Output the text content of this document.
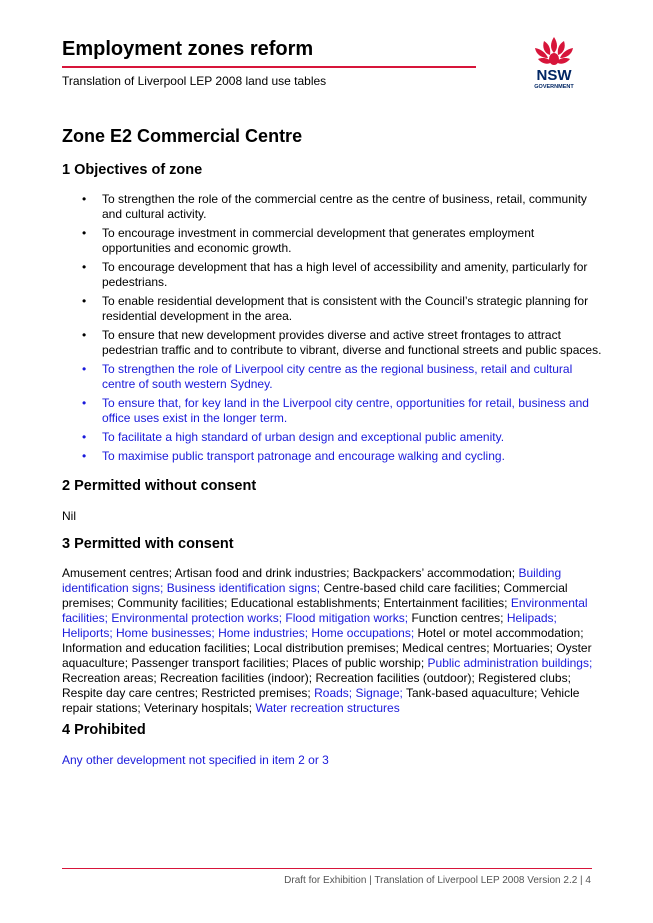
Employment zones reform
Translation of Liverpool LEP 2008 land use tables	NSW
GOVERNMENT
Zone E2 Commercial Centre
1 Objectives of zone
• To strengthen the role of the commercial centre as the centre of business, retail, community and cultural activity.
• To encourage investment in commercial development that generates employment opportunities and economic growth.
• To encourage development that has a high level of accessibility and amenity, particularly for pedestrians.
• To enable residential development that is consistent with the Council’s strategic planning for residential development in the area.
• To ensure that new development provides diverse and active street frontages to attract pedestrian traffic and to contribute to vibrant, diverse and functional streets and public spaces.
• To strengthen the role of Liverpool city centre as the regional business, retail and cultural centre of south western Sydney.
• To ensure that, for key land in the Liverpool city centre, opportunities for retail, business and office uses exist in the longer term.
• To facilitate a high standard of urban design and exceptional public amenity.
• To maximise public transport patronage and encourage walking and cycling.
2 Permitted without consent

Nil

3 Permitted with consent

Amusement centres; Artisan food and drink industries; Backpackers’ accommodation; Building identification signs; Business identification signs; Centre-based child care facilities; Commercial premises; Community facilities; Educational establishments; Entertainment facilities; Environmental facilities; Environmental protection works; Flood mitigation works; Function centres; Helipads; Heliports; Home businesses; Home industries; Home occupations; Hotel or motel accommodation; Information and education facilities; Local distribution premises; Medical centres; Mortuaries; Oyster aquaculture; Passenger transport facilities; Places of public worship; Public administration buildings; Recreation areas; Recreation facilities (indoor); Recreation facilities (outdoor); Registered clubs; Respite day care centres; Restricted premises; Roads; Signage; Tank-based aquaculture; Vehicle repair stations; Veterinary hospitals; Water recreation structures

4 Prohibited

Any other development not specified in item 2 or 3

Draft for Exhibition | Translation of Liverpool LEP 2008 Version 2.2 | 4
